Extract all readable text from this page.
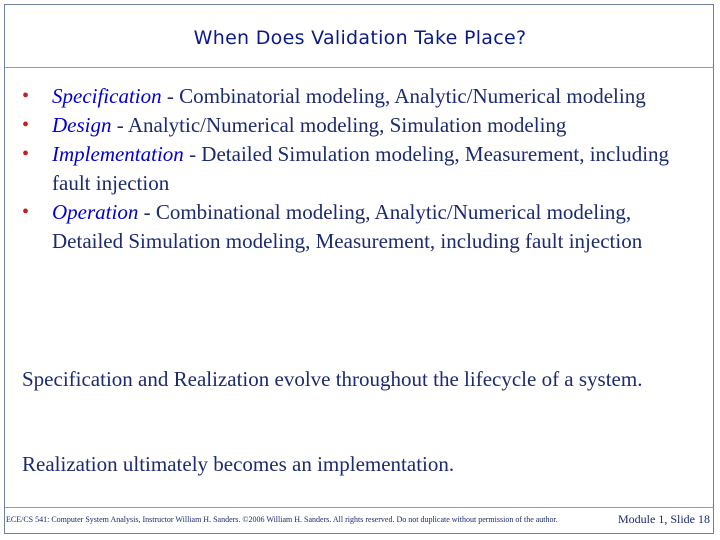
When Does Validation Take Place?
• Specification - Combinatorial modeling, Analytic/Numerical modeling
• Design - Analytic/Numerical modeling, Simulation modeling
• Implementation - Detailed Simulation modeling, Measurement, including fault injection
• Operation - Combinational modeling, Analytic/Numerical modeling, Detailed Simulation modeling, Measurement, including fault injection
Specification and Realization evolve throughout the lifecycle of a system.
Realization ultimately becomes an implementation.
ECE/CS 541: Computer System Analysis, Instructor William H. Sanders. ©2006 William H. Sanders. All rights reserved. Do not duplicate without permission of the author.	Module 1, Slide 18
